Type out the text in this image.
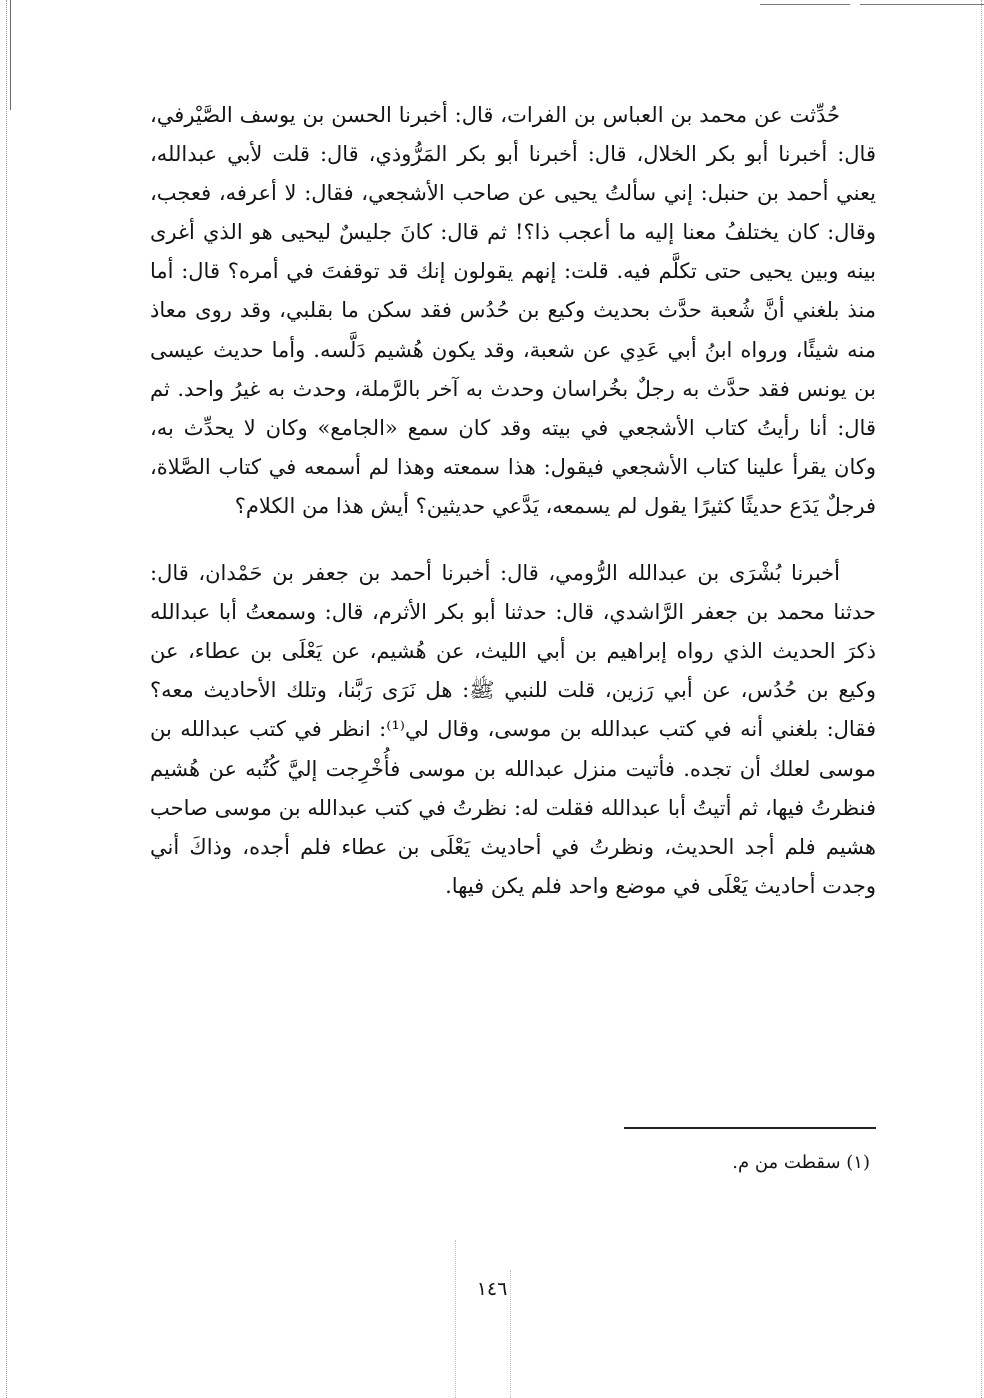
حُدِّثت عن محمد بن العباس بن الفرات، قال: أخبرنا الحسن بن يوسف الصَّيْرفي، قال: أخبرنا أبو بكر الخلال، قال: أخبرنا أبو بكر المَرُّوذي، قال: قلت لأبي عبدالله، يعني أحمد بن حنبل: إني سألتُ يحيى عن صاحب الأشجعي، فقال: لا أعرفه، فعجب، وقال: كان يختلفُ معنا إليه ما أعجب ذا؟! ثم قال: كانَ جليسٌ ليحيى هو الذي أغرى بينه وبين يحيى حتى تكلَّم فيه. قلت: إنهم يقولون إنك قد توقفتَ في أمره؟ قال: أما منذ بلغني أنَّ شُعبة حدَّث بحديث وكيع بن حُدُس فقد سكن ما بقلبي، وقد روى معاذ منه شيئًا، ورواه ابنُ أبي عَدِي عن شعبة، وقد يكون هُشيم دَلَّسه. وأما حديث عيسى بن يونس فقد حدَّث به رجلٌ بخُراسان وحدث به آخر بالرَّملة، وحدث به غيرُ واحد. ثم قال: أنا رأيتُ كتاب الأشجعي في بيته وقد كان سمع «الجامع» وكان لا يحدِّث به، وكان يقرأ علينا كتاب الأشجعي فيقول: هذا سمعته وهذا لم أسمعه في كتاب الصَّلاة، فرجلٌ يَدَع حديثًا كثيرًا يقول لم يسمعه، يَدَّعي حديثين؟ أيش هذا من الكلام؟

أخبرنا بُشْرَى بن عبدالله الرُّومي، قال: أخبرنا أحمد بن جعفر بن حَمْدان، قال: حدثنا محمد بن جعفر الرَّاشدي، قال: حدثنا أبو بكر الأثرم، قال: وسمعتُ أبا عبدالله ذكرَ الحديث الذي رواه إبراهيم بن أبي الليث، عن هُشيم، عن يَعْلَى بن عطاء، عن وكيع بن حُدُس، عن أبي رَزين، قلت للنبي ﷺ: هل نَرَى رَبَّنا، وتلك الأحاديث معه؟ فقال: بلغني أنه في كتب عبدالله بن موسى، وقال لي⁽¹⁾: انظر في كتب عبدالله بن موسى لعلك أن تجده. فأتيت منزل عبدالله بن موسى فأُخْرِجت إليَّ كُتُبه عن هُشيم فنظرتُ فيها، ثم أتيتُ أبا عبدالله فقلت له: نظرتُ في كتب عبدالله بن موسى صاحب هشيم فلم أجد الحديث، ونظرتُ في أحاديث يَعْلَى بن عطاء فلم أجده، وذاكَ أني وجدت أحاديث يَعْلَى في موضع واحد فلم يكن فيها.

(١) سقطت من م.
١٤٦
